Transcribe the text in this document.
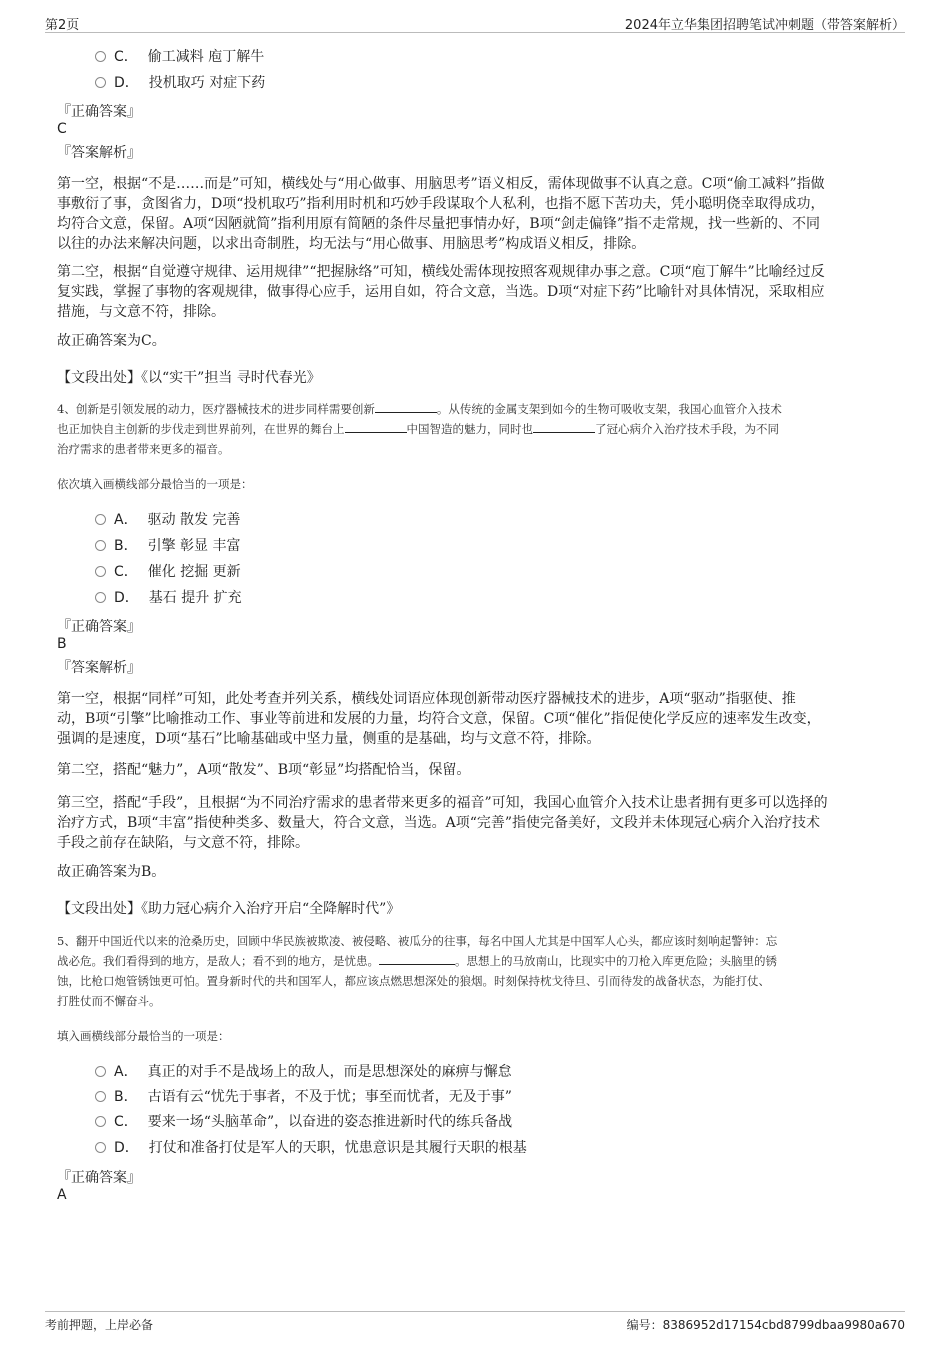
第2页	2024年立华集团招聘笔试冲刺题（带答案解析）
C． 偷工减料 庖丁解牛
D． 投机取巧 对症下药
『正确答案』
C
『答案解析』
第一空，根据“不是……而是”可知，横线处与“用心做事、用脑思考”语义相反，需体现做事不认真之意。C项“偷工减料”指做
事敷衍了事，贪图省力，D项“投机取巧”指利用时机和巧妙手段谋取个人私利，也指不愿下苦功夫，凭小聪明侥幸取得成功，
均符合文意，保留。A项“因陋就简”指利用原有简陋的条件尽量把事情办好，B项“剑走偏锋”指不走常规，找一些新的、不同
以往的办法来解决问题，以求出奇制胜，均无法与“用心做事、用脑思考”构成语义相反，排除。
第二空，根据“自觉遵守规律、运用规律”“把握脉络”可知，横线处需体现按照客观规律办事之意。C项“庖丁解牛”比喻经过反
复实践，掌握了事物的客观规律，做事得心应手，运用自如，符合文意，当选。D项“对症下药”比喻针对具体情况，采取相应
措施，与文意不符，排除。
故正确答案为C。
【文段出处】《以“实干”担当 寻时代春光》
4、创新是引领发展的动力，医疗器械技术的进步同样需要创新	。从传统的金属支架到如今的生物可吸收支架，我国心血管介入技术
也正加快自主创新的步伐走到世界前列，在世界的舞台上	中国智造的魅力，同时也	了冠心病介入治疗技术手段，为不同
治疗需求的患者带来更多的福音。
依次填入画横线部分最恰当的一项是：
A． 驱动 散发 完善
B． 引擎 彰显 丰富
C． 催化 挖掘 更新
D． 基石 提升 扩充
『正确答案』
B
『答案解析』
第一空，根据“同样”可知，此处考查并列关系，横线处词语应体现创新带动医疗器械技术的进步，A项“驱动”指驱使、推
动，B项“引擎”比喻推动工作、事业等前进和发展的力量，均符合文意，保留。C项“催化”指促使化学反应的速率发生改变，
强调的是速度，D项“基石”比喻基础或中坚力量，侧重的是基础，均与文意不符，排除。
第二空，搭配“魅力”，A项“散发”、B项“彰显”均搭配恰当，保留。
第三空，搭配“手段”，且根据“为不同治疗需求的患者带来更多的福音”可知，我国心血管介入技术让患者拥有更多可以选择的
治疗方式，B项“丰富”指使种类多、数量大，符合文意，当选。A项“完善”指使完备美好，文段并未体现冠心病介入治疗技术
手段之前存在缺陷，与文意不符，排除。
故正确答案为B。
【文段出处】《助力冠心病介入治疗开启“全降解时代”》
5、翻开中国近代以来的沧桑历史，回顾中华民族被欺凌、被侵略、被瓜分的往事，每名中国人尤其是中国军人心头，都应该时刻响起警钟：忘
战必危。我们看得到的地方，是敌人；看不到的地方，是忧患。	。思想上的马放南山，比现实中的刀枪入库更危险；头脑里的锈
蚀，比枪口炮管锈蚀更可怕。置身新时代的共和国军人，都应该点燃思想深处的狼烟。时刻保持枕戈待旦、引而待发的战备状态，为能打仗、
打胜仗而不懈奋斗。
填入画横线部分最恰当的一项是：
A． 真正的对手不是战场上的敌人，而是思想深处的麻痹与懈怠
B． 古语有云“忧先于事者，不及于忧；事至而忧者，无及于事”
C． 要来一场“头脑革命”，以奋进的姿态推进新时代的练兵备战
D． 打仗和准备打仗是军人的天职，忧患意识是其履行天职的根基
『正确答案』
A
考前押题，上岸必备	编号：8386952d17154cbd8799dbaa9980a670
